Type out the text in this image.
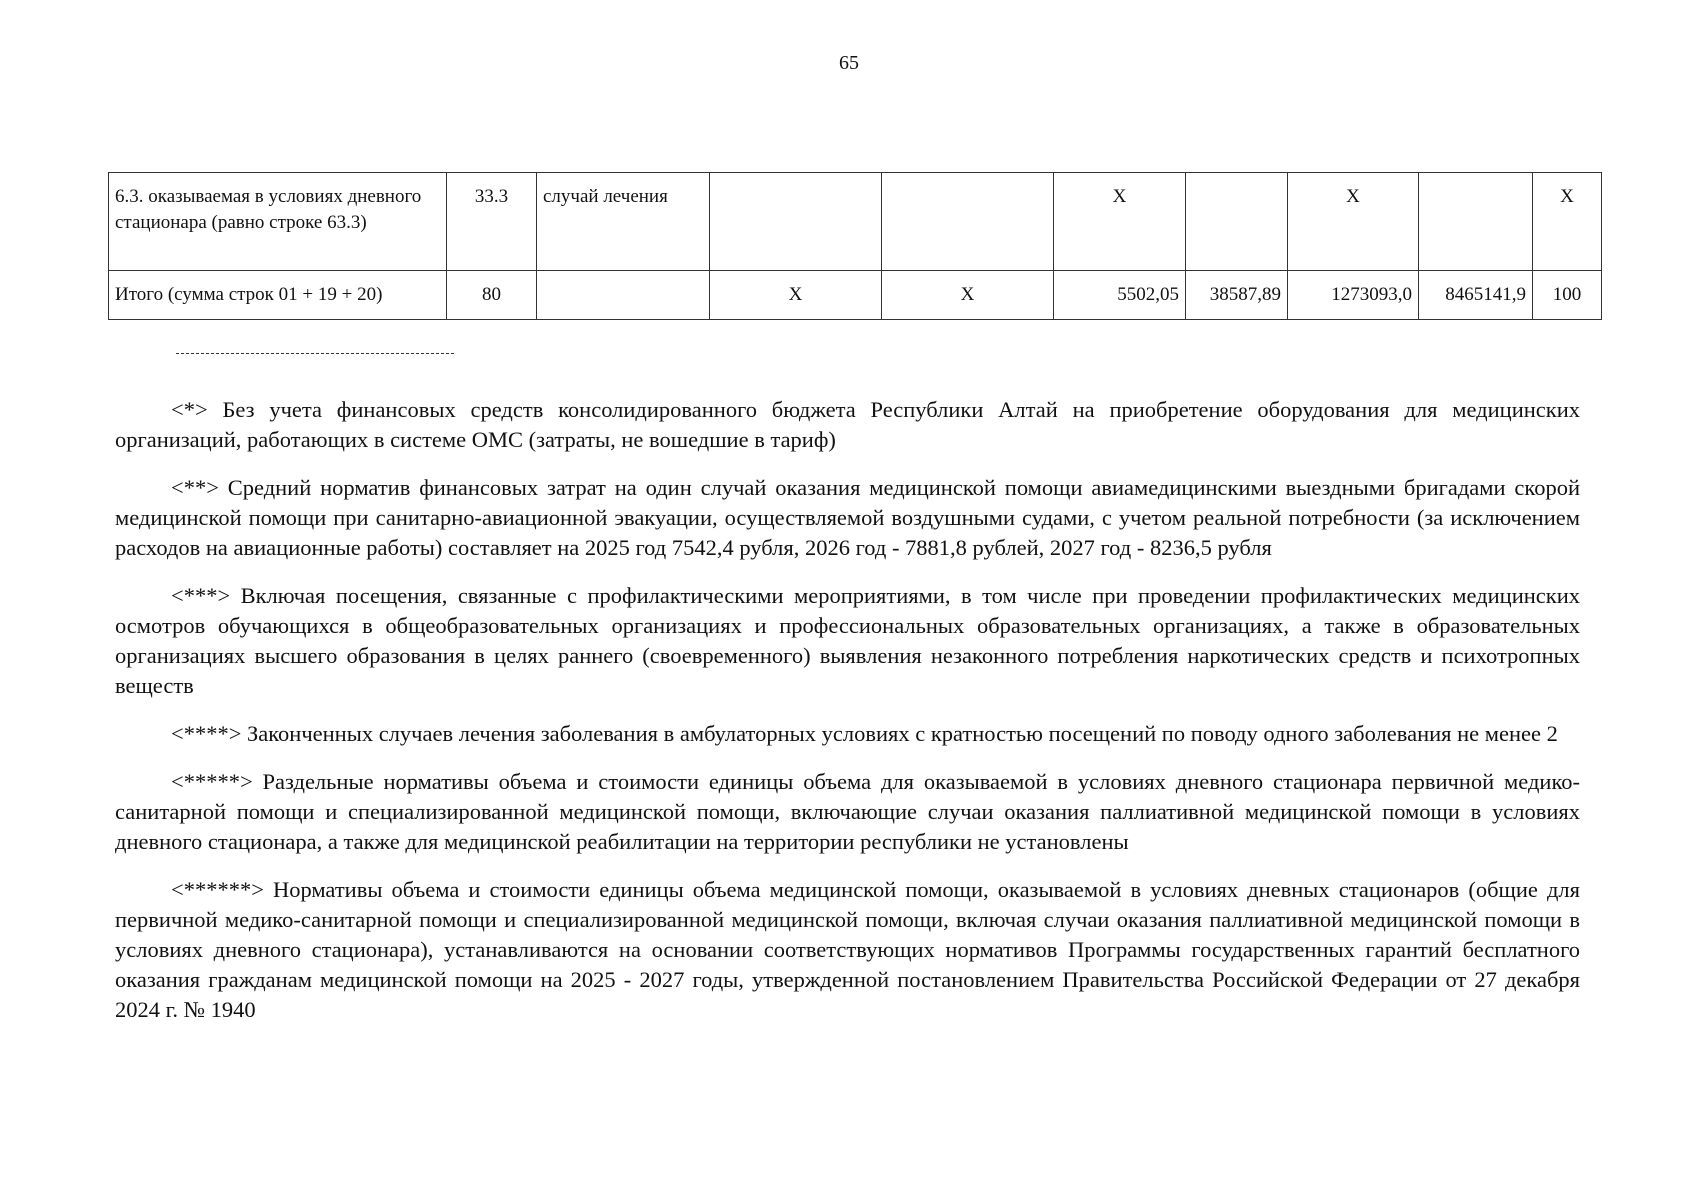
65
6.3. оказываемая в условиях дневного стационара (равно строке 63.3)	33.3	случай лечения			X		X		X
Итого (сумма строк 01 + 19 + 20)	80		X	X	5502,05	38587,89	1273093,0	8465141,9	100

<*> Без учета финансовых средств консолидированного бюджета Республики Алтай на приобретение оборудования для медицинских организаций, работающих в системе ОМС (затраты, не вошедшие в тариф)

<**> Средний норматив финансовых затрат на один случай оказания медицинской помощи авиамедицинскими выездными бригадами скорой медицинской помощи при санитарно-авиационной эвакуации, осуществляемой воздушными судами, с учетом реальной потребности (за исключением расходов на авиационные работы) составляет на 2025 год 7542,4 рубля, 2026 год - 7881,8 рублей, 2027 год - 8236,5 рубля

<***> Включая посещения, связанные с профилактическими мероприятиями, в том числе при проведении профилактических медицинских осмотров обучающихся в общеобразовательных организациях и профессиональных образовательных организациях, а также в образовательных организациях высшего образования в целях раннего (своевременного) выявления незаконного потребления наркотических средств и психотропных веществ

<****> Законченных случаев лечения заболевания в амбулаторных условиях с кратностью посещений по поводу одного заболевания не менее 2

<*****> Раздельные нормативы объема и стоимости единицы объема для оказываемой в условиях дневного стационара первичной медико-санитарной помощи и специализированной медицинской помощи, включающие случаи оказания паллиативной медицинской помощи в условиях дневного стационара, а также для медицинской реабилитации на территории республики не установлены

<******> Нормативы объема и стоимости единицы объема медицинской помощи, оказываемой в условиях дневных стационаров (общие для первичной медико-санитарной помощи и специализированной медицинской помощи, включая случаи оказания паллиативной медицинской помощи в условиях дневного стационара), устанавливаются на основании соответствующих нормативов Программы государственных гарантий бесплатного оказания гражданам медицинской помощи на 2025 - 2027 годы, утвержденной постановлением Правительства Российской Федерации от 27 декабря 2024 г. № 1940
